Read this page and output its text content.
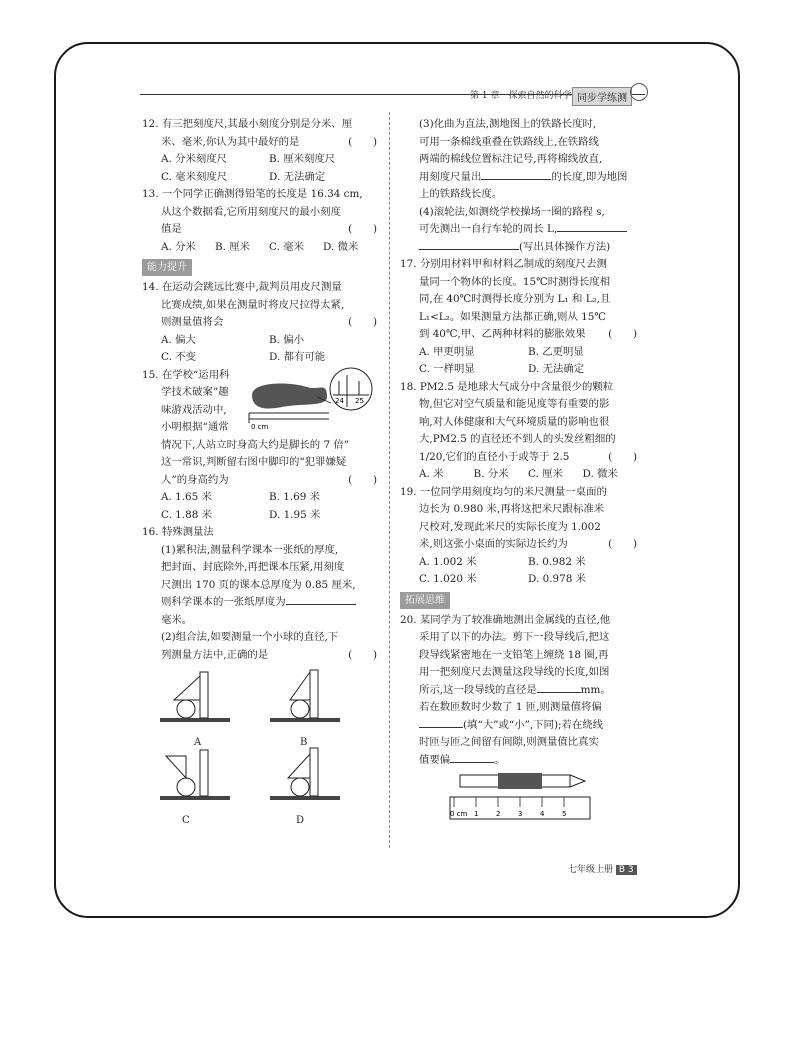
第 1 章　探索自然的科学 同步学练测

12. 有三把刻度尺,其最小刻度分别是分米、厘

米、毫米,你认为其中最好的是	(　　)

A. 分米刻度尺	B. 厘米刻度尺
C. 毫米刻度尺	D. 无法确定

13. 一个同学正确测得铅笔的长度是 16.34 cm,

从这个数据看,它所用刻度尺的最小刻度

值是	(　　)

A. 分米	B. 厘米	C. 毫米	D. 微米
能力提升

14. 在运动会跳远比赛中,裁判员用皮尺测量

比赛成绩,如果在测量时将皮尺拉得太紧,

则测量值将会	(　　)

A. 偏大	B. 偏小
C. 不变	D. 都有可能

15. 在学校“运用科

学技术破案”趣

味游戏活动中,

小明根据“通常	0 cm
24 25

情况下,人站立时身高大约是脚长的 7 倍”

这一常识,判断留右图中脚印的“犯罪嫌疑

人”的身高约为	(　　)

A. 1.65 米	B. 1.69 米
C. 1.88 米	D. 1.95 米

16. 特殊测量法

(1)累积法,测量科学课本一张纸的厚度,

把封面、封底除外,再把课本压紧,用刻度

尺测出 170 页的课本总厚度为 0.85 厘米,

则科学课本的一张纸厚度为

毫米。

(2)组合法,如要测量一个小球的直径,下

列测量方法中,正确的是	(　　)

A	B
C	D

(3)化曲为直法,测地图上的铁路长度时,

可用一条棉线重叠在铁路线上,在铁路线

两端的棉线位置标注记号,再将棉线放直,

用刻度尺量出	的长度,即为地图

上的铁路线长度。

(4)滚轮法,如测绕学校操场一圈的路程 s,

可先测出一自行车轮的周长 L,

(写出具体操作方法)

17. 分别用材料甲和材料乙制成的刻度尺去测

量同一个物体的长度。15℃时测得长度相

同,在 40℃时测得长度分别为 L₁ 和 L₂,且

L₁<L₂。如果测量方法都正确,则从 15℃

到 40℃,甲、乙两种材料的膨胀效果 (　　)

A. 甲更明显	B. 乙更明显
C. 一样明显	D. 无法确定

18. PM2.5 是地球大气成分中含量很少的颗粒

物,但它对空气质量和能见度等有重要的影

响,对人体健康和大气环境质量的影响也很

大,PM2.5 的直径还不到人的头发丝粗细的

1/20,它们的直径小于或等于 2.5	(　　)

A. 米	B. 分米	C. 厘米	D. 微米

19. 一位同学用刻度均匀的米尺测量一桌面的

边长为 0.980 米,再将这把米尺跟标准米

尺校对,发现此米尺的实际长度为 1.002

米,则这张小桌面的实际边长约为	(　　)

A. 1.002 米	B. 0.982 米
C. 1.020 米	D. 0.978 米
拓展思维

20. 某同学为了较准确地测出金属线的直径,他

采用了以下的办法。剪下一段导线后,把这

段导线紧密地在一支铅笔上缠绕 18 圈,再

用一把刻度尺去测量这段导线的长度,如图

所示,这一段导线的直径是	mm。

若在数匝数时少数了 1 匝,则测量值将偏

(填“大”或“小”,下同);若在绕线

时匝与匝之间留有间隙,则测量值比真实

值要偏	。

0 cm 1	2	3	4	5
七年级上册 B 3
